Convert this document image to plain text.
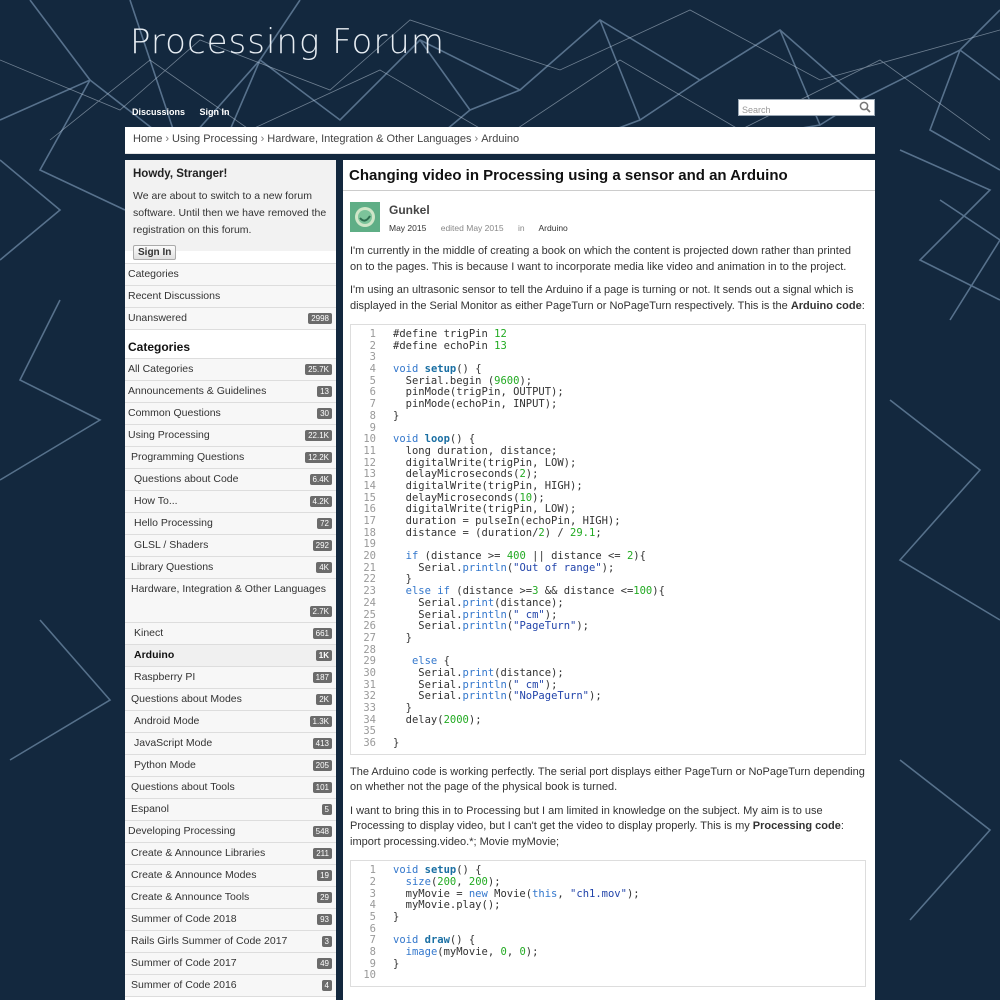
Processing Forum
Discussions Sign In
Search
Home › Using Processing › Hardware, Integration & Other Languages › Arduino
Howdy, Stranger!

We are about to switch to a new forum software. Until then we have removed the registration on this forum.

Sign In
Categories
Recent Discussions
Unanswered	2998
Categories
All Categories	25.7K
Announcements & Guidelines	13
Common Questions	30
Using Processing	22.1K
Programming Questions	12.2K
Questions about Code	6.4K
How To...	4.2K
Hello Processing	72
GLSL / Shaders	292
Library Questions	4K
Hardware, Integration & Other Languages
2.7K
Kinect	661
Arduino	1K
Raspberry PI	187
Questions about Modes	2K
Android Mode	1.3K
JavaScript Mode	413
Python Mode	205
Questions about Tools	101
Espanol	5
Developing Processing	548
Create & Announce Libraries	211
Create & Announce Modes	19
Create & Announce Tools	29
Summer of Code 2018	93
Rails Girls Summer of Code 2017	3
Summer of Code 2017	49
Summer of Code 2016	4
Changing video in Processing using a sensor and an Arduino
Gunkel
May 2015 edited May 2015 in Arduino

I'm currently in the middle of creating a book on which the content is projected down rather than printed on to the pages. This is because I want to incorporate media like video and animation in to the project.

I'm using an ultrasonic sensor to tell the Arduino if a page is turning or not. It sends out a signal which is displayed in the Serial Monitor as either PageTurn or NoPageTurn respectively. This is the Arduino code:

1 #define trigPin 12
2 #define echoPin 13
3
4 void setup() {
5  Serial.begin (9600);
6  pinMode(trigPin, OUTPUT);
7  pinMode(echoPin, INPUT);
8 }
9
10 void loop() {
11  long duration, distance;
12  digitalWrite(trigPin, LOW);
13  delayMicroseconds(2);
14  digitalWrite(trigPin, HIGH);
15  delayMicroseconds(10);
16  digitalWrite(trigPin, LOW);
17  duration = pulseIn(echoPin, HIGH);
18  distance = (duration/2) / 29.1;
19
20	if (distance >= 400 || distance <= 2){
21    Serial.println("Out of range");
22  }
23	else if (distance >=3 && distance <=100){
24    Serial.print(distance);
25    Serial.println(" cm");
26    Serial.println("PageTurn");
27  }
28
29	else {
30    Serial.print(distance);
31    Serial.println(" cm");
32    Serial.println("NoPageTurn");
33  }
34  delay(2000);
35
36 }

The Arduino code is working perfectly. The serial port displays either PageTurn or NoPageTurn depending on whether not the page of the physical book is turned.

I want to bring this in to Processing but I am limited in knowledge on the subject. My aim is to use Processing to display video, but I can't get the video to display properly. This is my Processing code: import processing.video.*; Movie myMovie;

1 void setup() {
2	size(200, 200);
3  myMovie = new Movie(this, "ch1.mov");
4  myMovie.play();
5 }
6
7 void draw() {
8	image(myMovie, 0, 0);
9 }
10
